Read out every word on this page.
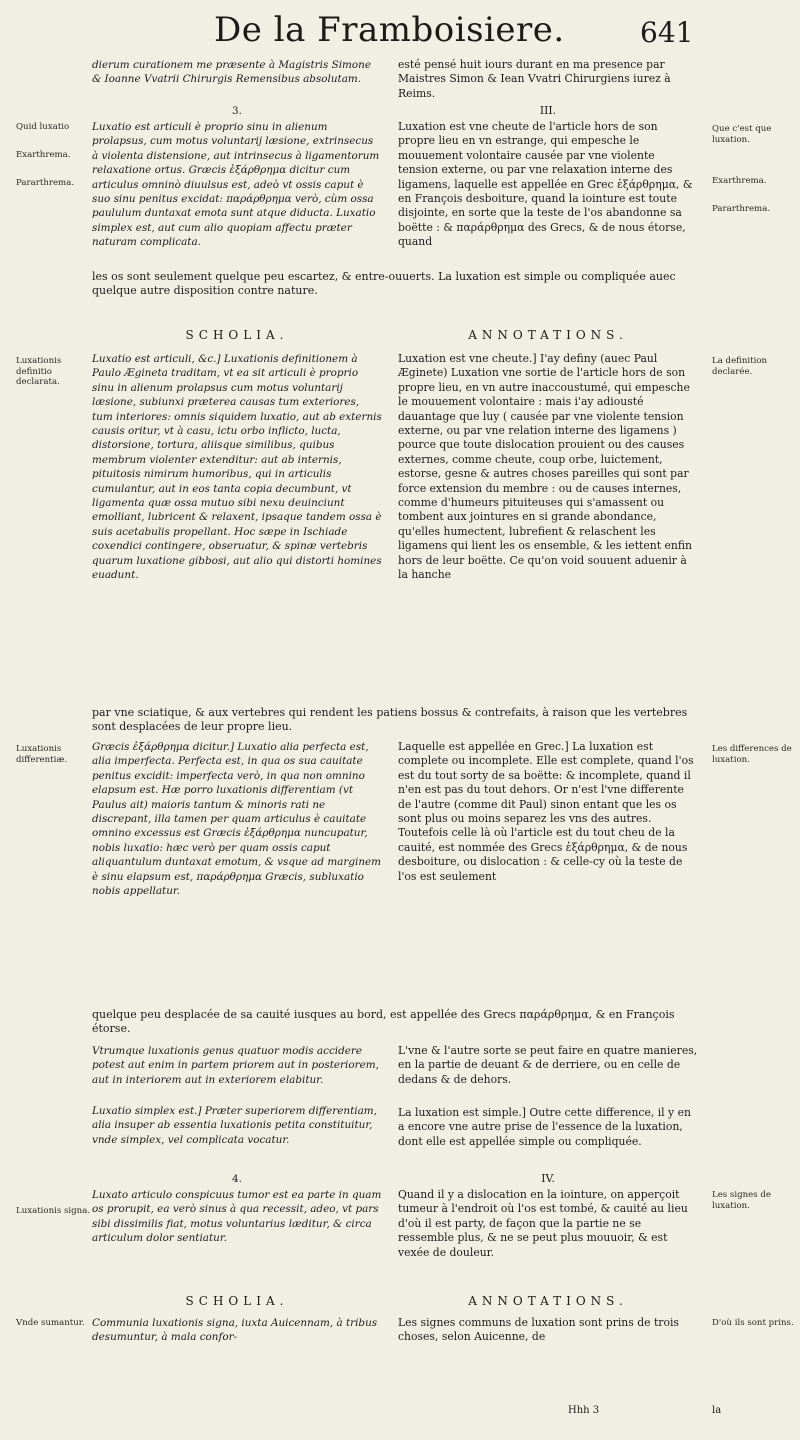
De la Framboisiere.	641

dierum curationem me præsente à Magistris Simone & Ioanne Vvatrii Chirurgis Remensibus absolutam.

esté pensé huit iours durant en ma presence par Maistres Simon & Iean Vvatri Chirurgiens iurez à Reims.

3.	III.

Luxatio est articuli è proprio sinu in alienum prolapsus, cum motus voluntarij læsione, extrinsecus à violenta distensione, aut intrinsecus à ligamentorum relaxatione ortus. Græcis ἐξάρθρημα dicitur cum articulus omninò diuulsus est, adeò vt ossis caput è suo sinu penitus excidat: παράρθρημα verò, cùm ossa paululum duntaxat emota sunt atque diducta. Luxatio simplex est, aut cum alio quopiam affectu præter naturam complicata.

Luxation est vne cheute de l'article hors de son propre lieu en vn estrange, qui empesche le mouuement volontaire causée par vne violente tension externe, ou par vne relaxation interne des ligamens, laquelle est appellée en Grec ἐξάρθρημα, & en François desboiture, quand la iointure est toute disjointe, en sorte que la teste de l'os abandonne sa boëtte : & παράρθρημα des Grecs, & de nous étorse, quand

les os sont seulement quelque peu escartez, & entre-ouuerts. La luxation est simple ou compliquée auec quelque autre disposition contre nature.

SCHOLIA.	ANNOTATIONS.

Luxatio est articuli, &c.] Luxationis definitionem à Paulo Ægineta traditam, vt ea sit articuli è proprio sinu in alienum prolapsus cum motus voluntarij læsione, subiunxi præterea causas tum exteriores, tum interiores: omnis siquidem luxatio, aut ab externis causis oritur, vt à casu, ictu orbo inflicto, lucta, distorsione, tortura, aliisque similibus, quibus membrum violenter extenditur: aut ab internis, pituitosis nimirum humoribus, qui in articulis cumulantur, aut in eos tanta copia decumbunt, vt ligamenta quæ ossa mutuo sibi nexu deuinciunt emolliant, lubricent & relaxent, ipsaque tandem ossa è suis acetabulis propellant. Hoc sæpe in Ischiade coxendici contingere, obseruatur, & spinæ vertebris quarum luxatione gibbosi, aut alio qui distorti homines euadunt.

Luxation est vne cheute.] I'ay definy (auec Paul Æginete) Luxation vne sortie de l'article hors de son propre lieu, en vn autre inaccoustumé, qui empesche le mouuement volontaire : mais i'ay adiousté dauantage que luy ( causée par vne violente tension externe, ou par vne relation interne des ligamens ) pource que toute dislocation prouient ou des causes externes, comme cheute, coup orbe, luictement, estorse, gesne & autres choses pareilles qui sont par force extension du membre : ou de causes internes, comme d'humeurs pituiteuses qui s'amassent ou tombent aux jointures en si grande abondance, qu'elles humectent, lubrefient & relaschent les ligamens qui lient les os ensemble, & les iettent enfin hors de leur boëtte. Ce qu'on void souuent aduenir à la hanche

par vne sciatique, & aux vertebres qui rendent les patiens bossus & contrefaits, à raison que les vertebres sont desplacées de leur propre lieu.

Græcis ἐξάρθρημα dicitur.] Luxatio alia perfecta est, alia imperfecta. Perfecta est, in qua os sua cauitate penitus excidit: imperfecta verò, in qua non omnino elapsum est. Hæ porro luxationis differentiam (vt Paulus ait) maioris tantum & minoris rati ne discrepant, illa tamen per quam articulus è cauitate omnino excessus est Græcis ἐξάρθρημα nuncupatur, nobis luxatio: hæc verò per quam ossis caput aliquantulum duntaxat emotum, & vsque ad marginem è sinu elapsum est, παράρθρημα Græcis, subluxatio nobis appellatur.

Laquelle est appellée en Grec.] La luxation est complete ou incomplete. Elle est complete, quand l'os est du tout sorty de sa boëtte: & incomplete, quand il n'en est pas du tout dehors. Or n'est l'vne differente de l'autre (comme dit Paul) sinon entant que les os sont plus ou moins separez les vns des autres. Toutefois celle là où l'article est du tout cheu de la cauité, est nommée des Grecs ἐξάρθρημα, & de nous desboiture, ou dislocation : & celle-cy où la teste de l'os est seulement

quelque peu desplacée de sa cauité iusques au bord, est appellée des Grecs παράρθρημα, & en François étorse.

Vtrumque luxationis genus quatuor modis accidere potest aut enim in partem priorem aut in posteriorem, aut in interiorem aut in exteriorem elabitur.

Luxatio simplex est.] Præter superiorem differentiam, alia insuper ab essentia luxationis petita constituitur, vnde simplex, vel complicata vocatur.

L'vne & l'autre sorte se peut faire en quatre manieres, en la partie de deuant & de derriere, ou en celle de dedans & de dehors.

La luxation est simple.] Outre cette difference, il y en a encore vne autre prise de l'essence de la luxation, dont elle est appellée simple ou compliquée.

4.	IV.

Luxato articulo conspicuus tumor est ea parte in quam os prorupit, ea verò sinus à qua recessit, adeo, vt pars sibi dissimilis fiat, motus voluntarius læditur, & circa articulum dolor sentiatur.

Quand il y a dislocation en la iointure, on apperçoit tumeur à l'endroit où l'os est tombé, & cauité au lieu d'où il est party, de façon que la partie ne se ressemble plus, & ne se peut plus mouuoir, & est vexée de douleur.

SCHOLIA.	ANNOTATIONS.

Communia luxationis signa, iuxta Auicennam, à tribus desumuntur, à mala confor-

Les signes communs de luxation sont prins de trois choses, selon Auicenne, de

Hhh 3	la
Quid luxatio
Exarthrema.
Pararthrema.
Luxationis definitio declarata.
Luxationis differentiæ.
Luxationis signa.
Vnde sumantur.
Que c'est que luxation.
Exarthrema.
Pararthrema.
La definition declarée.
Les differences de luxation.
Les signes de luxation.
D'où ils sont prins.
